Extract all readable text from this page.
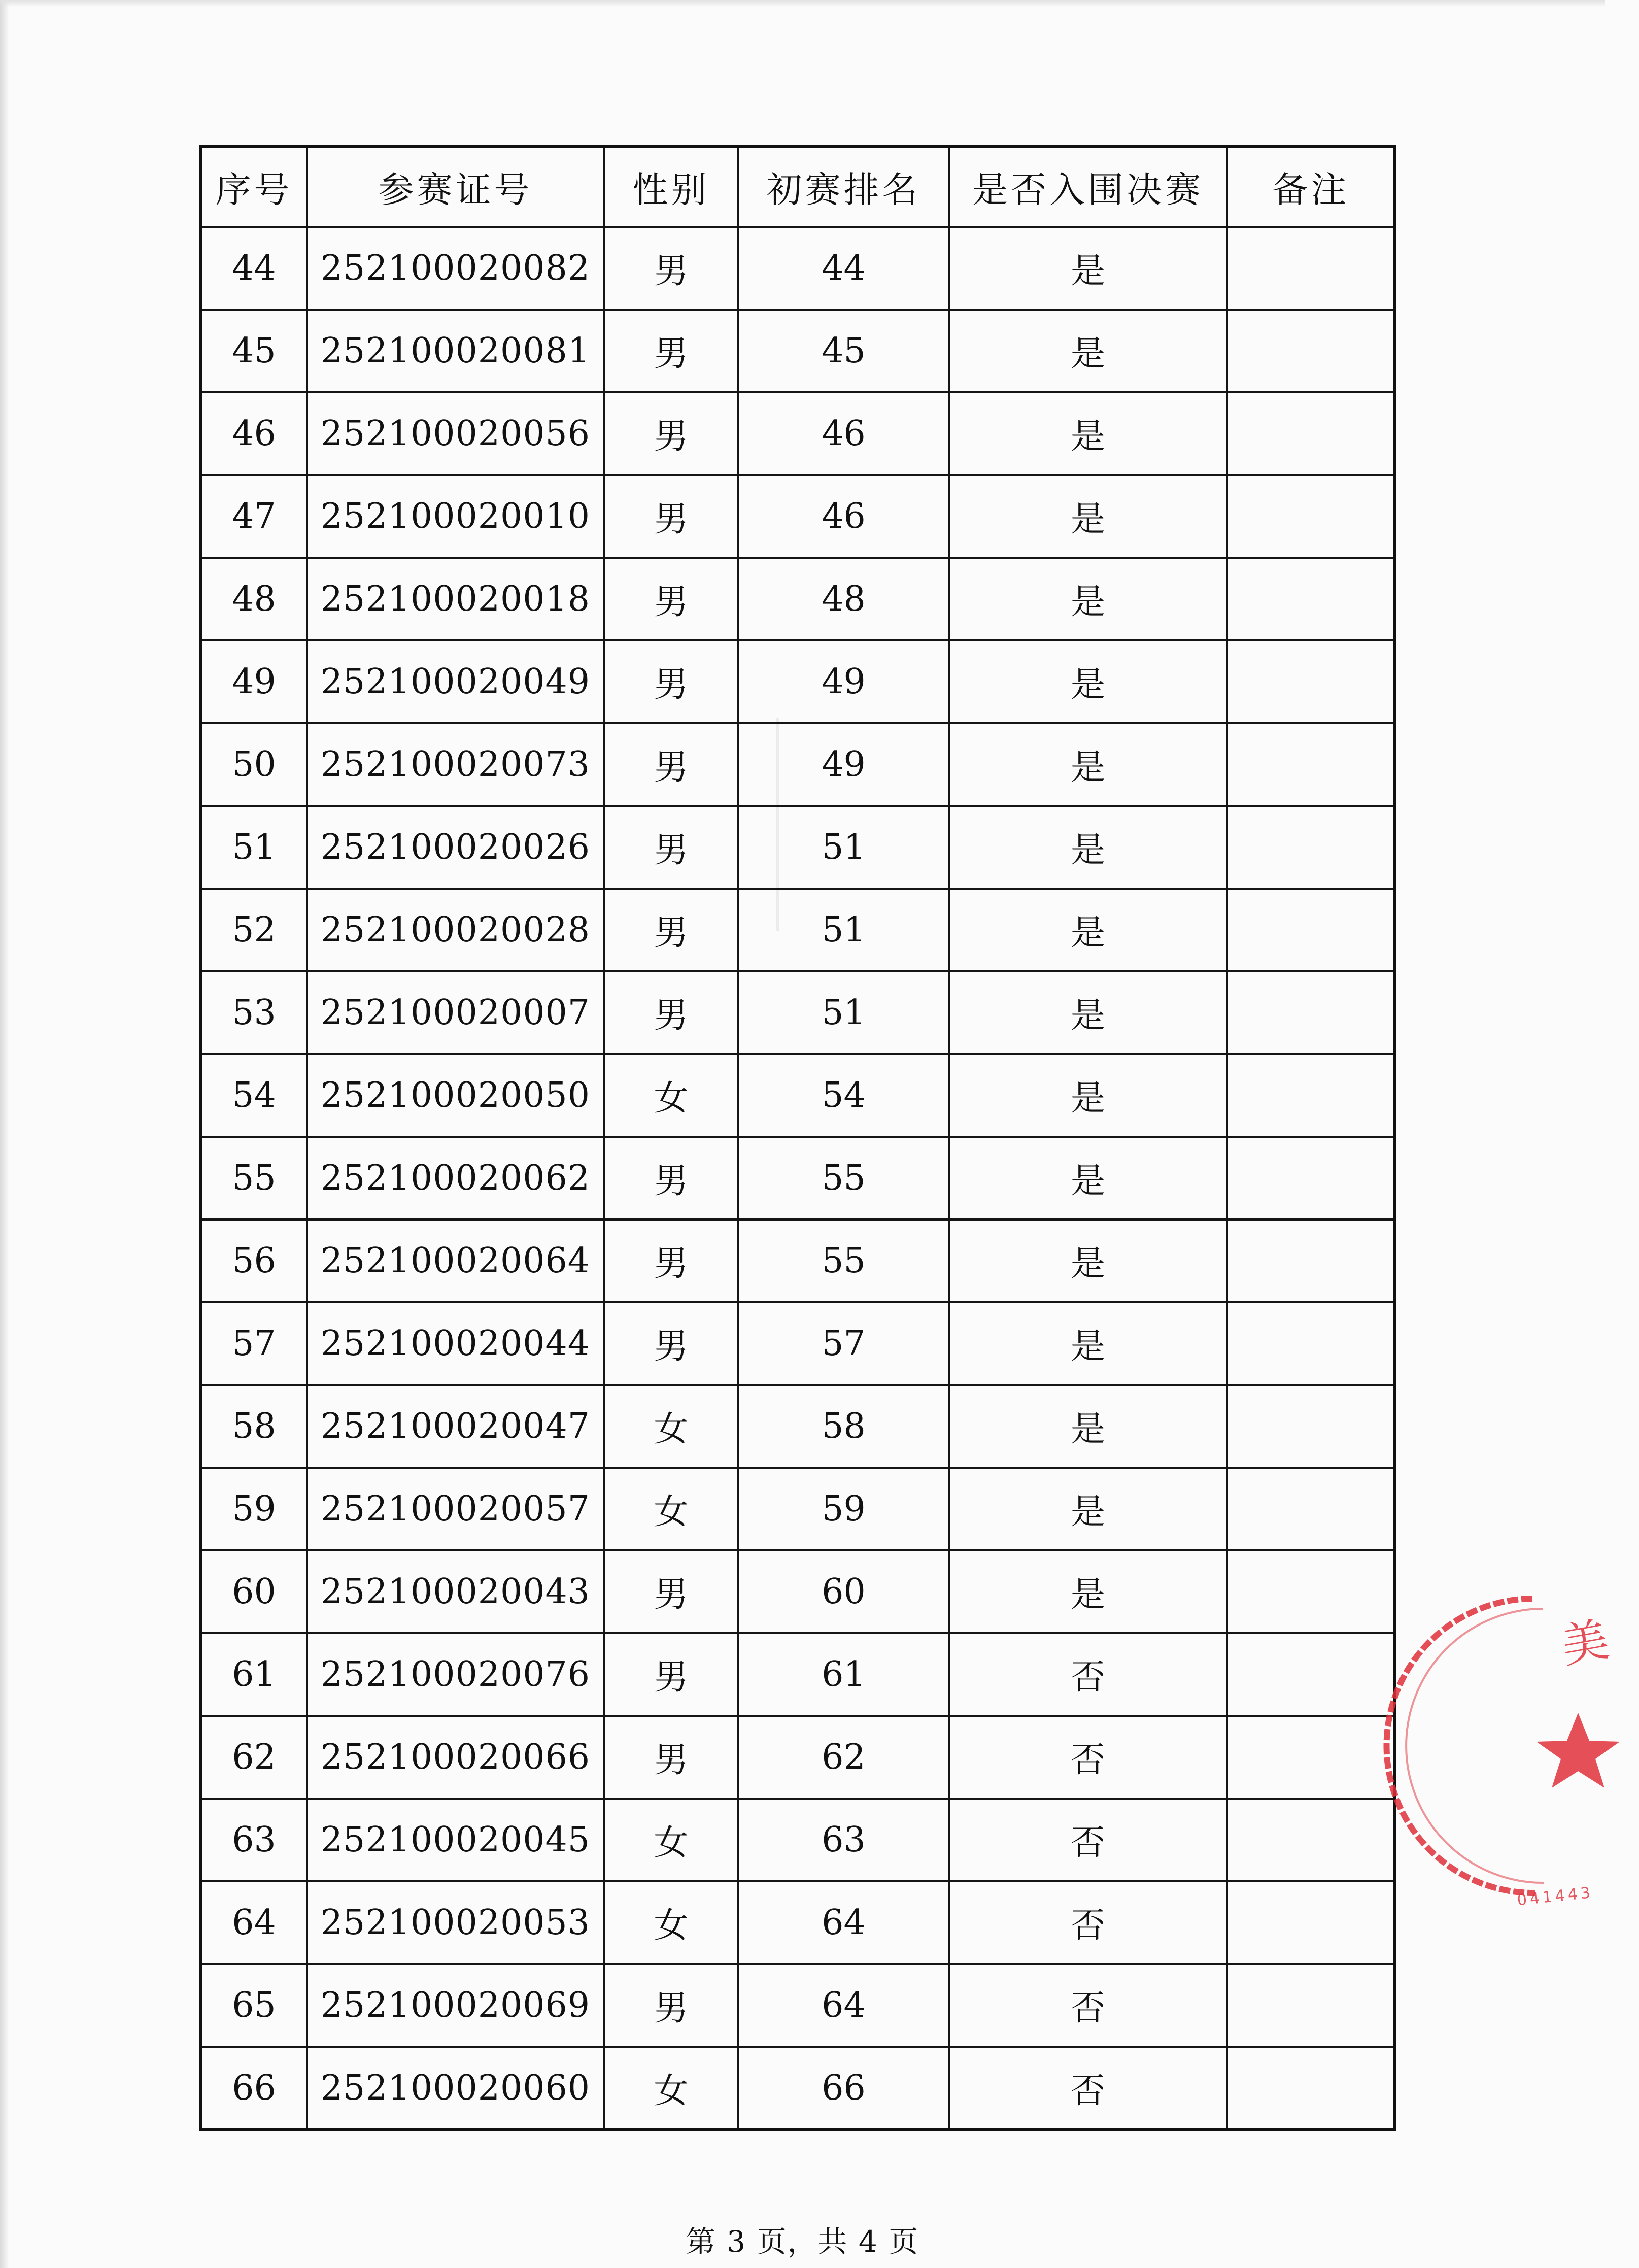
序号	参赛证号	性别	初赛排名	是否入围决赛	备注
44	252100020082	男	44	是	
45	252100020081	男	45	是	
46	252100020056	男	46	是	
47	252100020010	男	46	是	
48	252100020018	男	48	是	
49	252100020049	男	49	是	
50	252100020073	男	49	是	
51	252100020026	男	51	是	
52	252100020028	男	51	是	
53	252100020007	男	51	是	
54	252100020050	女	54	是	
55	252100020062	男	55	是	
56	252100020064	男	55	是	
57	252100020044	男	57	是	
58	252100020047	女	58	是	
59	252100020057	女	59	是	
60	252100020043	男	60	是	
61	252100020076	男	61	否	
62	252100020066	男	62	否	
63	252100020045	女	63	否	
64	252100020053	女	64	否	
65	252100020069	男	64	否	
66	252100020060	女	66	否	
第 3 页，共 4 页
美
041443
